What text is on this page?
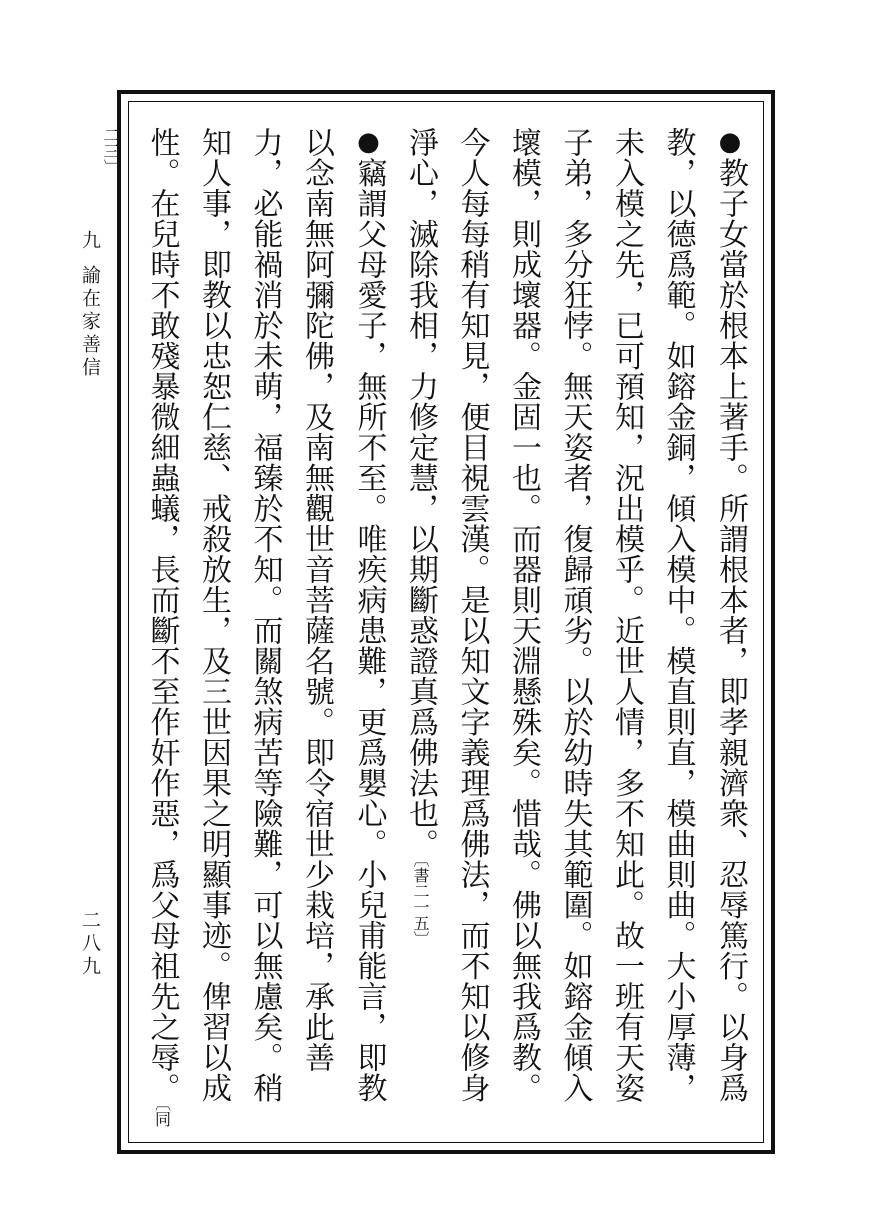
九
諭在家善信
二八九

●教子女當於根本上著手。所謂根本者，即孝親濟衆、忍辱篤行。以身爲教，以德爲範。如鎔金銅，傾入模中。模直則直，模曲則曲。大小厚薄，未入模之先，已可預知，況出模乎。近世人情，多不知此。故一班有天姿子弟，多分狂悖。無天姿者，復歸頑劣。以於幼時失其範圍。如鎔金傾入壞模，則成壞器。金固一也。而器則天淵懸殊矣。惜哉。佛以無我爲教。今人每每稍有知見，便目視雲漢。是以知文字義理爲佛法，而不知以修身淨心，滅除我相，力修定慧，以期斷惑證真爲佛法也。〔書二一五〕

●竊謂父母愛子，無所不至。唯疾病患難，更爲嬰心。小兒甫能言，即教以念南無阿彌陀佛，及南無觀世音菩薩名號。即令宿世少栽培，承此善力，必能禍消於未萌，福臻於不知。而關煞病苦等險難，可以無慮矣。稍知人事，即教以忠恕仁慈、戒殺放生，及三世因果之明顯事迹。俾習以成性。在兒時不敢殘暴微細蟲蟻，長而斷不至作奸作惡，爲父母祖先之辱。〔同二三〕
